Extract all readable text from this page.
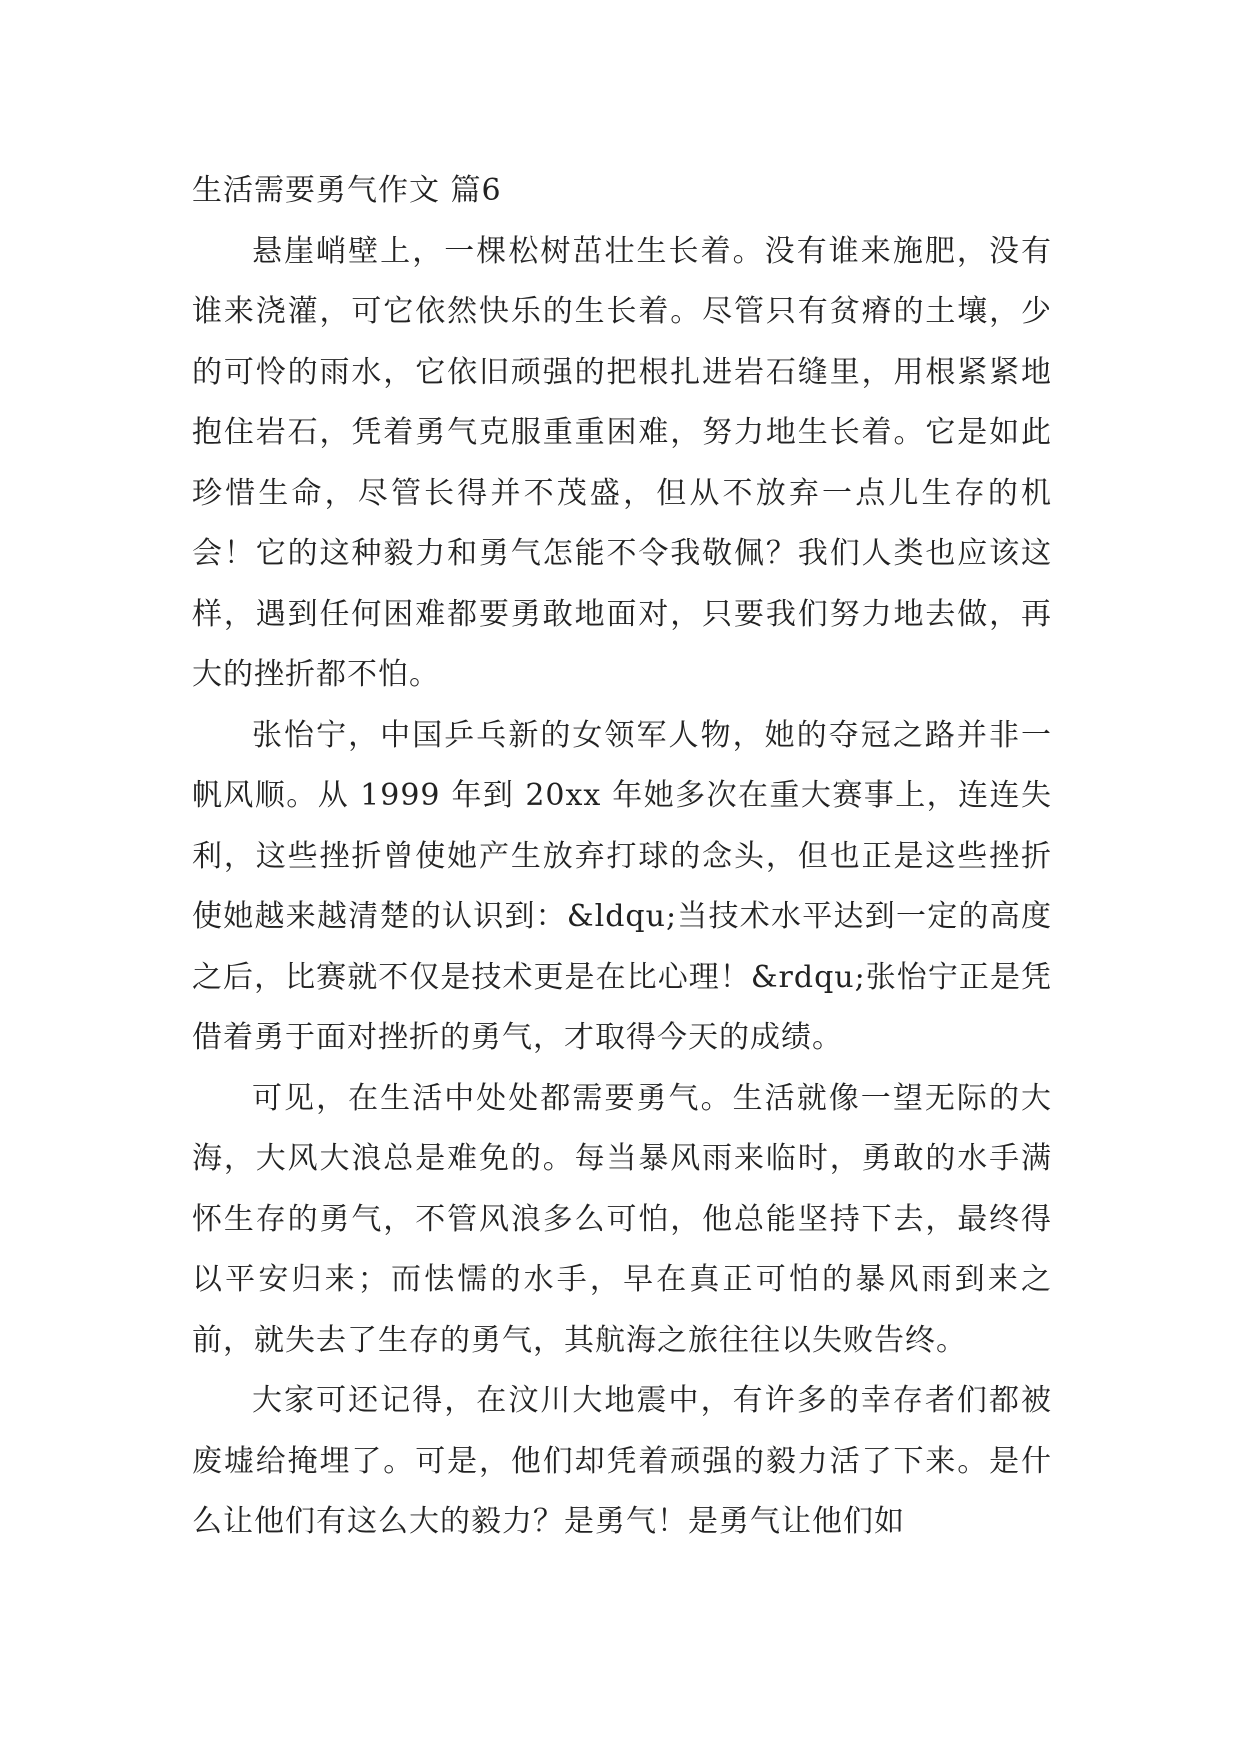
生活需要勇气作文 篇6

悬崖峭壁上，一棵松树茁壮生长着。没有谁来施肥，没有谁来浇灌，可它依然快乐的生长着。尽管只有贫瘠的土壤，少的可怜的雨水，它依旧顽强的把根扎进岩石缝里，用根紧紧地抱住岩石，凭着勇气克服重重困难，努力地生长着。它是如此珍惜生命，尽管长得并不茂盛，但从不放弃一点儿生存的机会！它的这种毅力和勇气怎能不令我敬佩？我们人类也应该这样，遇到任何困难都要勇敢地面对，只要我们努力地去做，再大的挫折都不怕。

张怡宁，中国乒乓新的女领军人物，她的夺冠之路并非一帆风顺。从 1999 年到 20xx 年她多次在重大赛事上，连连失利，这些挫折曾使她产生放弃打球的念头，但也正是这些挫折使她越来越清楚的认识到：&ldqu;当技术水平达到一定的高度之后，比赛就不仅是技术更是在比心理！&rdqu;张怡宁正是凭借着勇于面对挫折的勇气，才取得今天的成绩。

可见，在生活中处处都需要勇气。生活就像一望无际的大海，大风大浪总是难免的。每当暴风雨来临时，勇敢的水手满怀生存的勇气，不管风浪多么可怕，他总能坚持下去，最终得以平安归来；而怯懦的水手，早在真正可怕的暴风雨到来之前，就失去了生存的勇气，其航海之旅往往以失败告终。

大家可还记得，在汶川大地震中，有许多的幸存者们都被废墟给掩埋了。可是，他们却凭着顽强的毅力活了下来。是什么让他们有这么大的毅力？是勇气！是勇气让他们如
